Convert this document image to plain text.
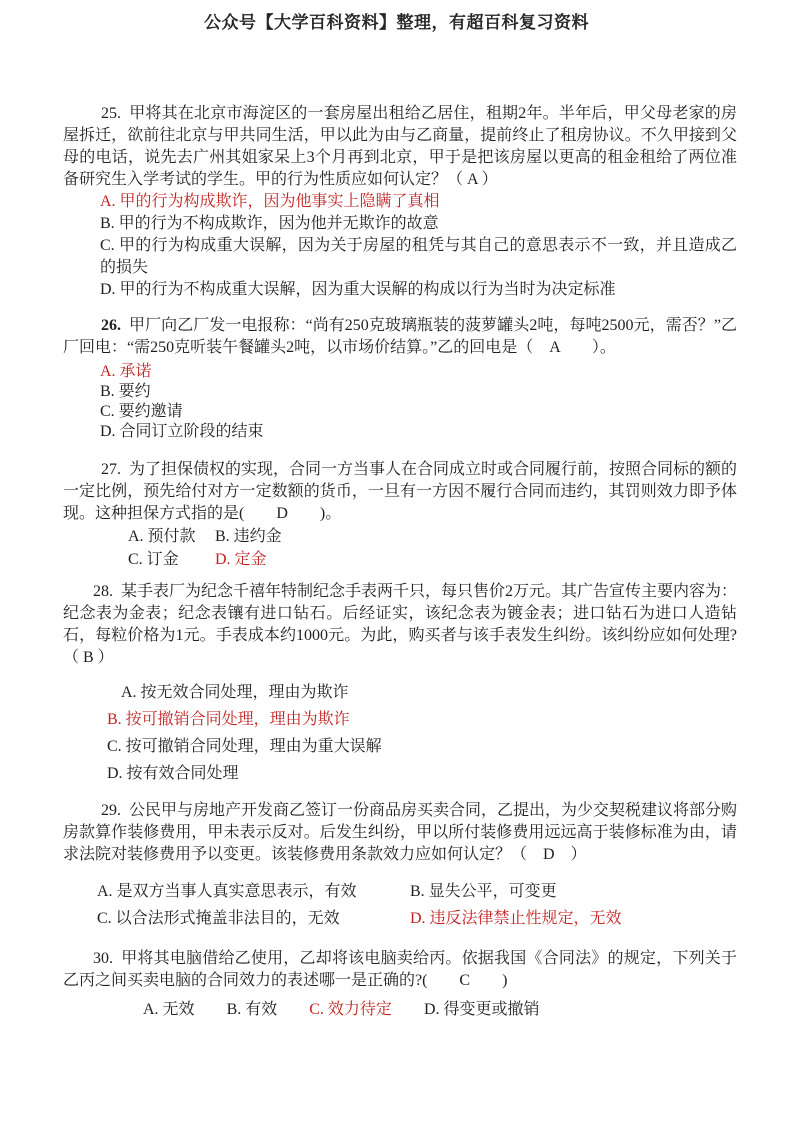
公众号【大学百科资料】整理，有超百科复习资料

25. 甲将其在北京市海淀区的一套房屋出租给乙居住，租期2年。半年后，甲父母老家的房屋拆迁，欲前往北京与甲共同生活，甲以此为由与乙商量，提前终止了租房协议。不久甲接到父母的电话，说先去广州其姐家呆上3个月再到北京，甲于是把该房屋以更高的租金租给了两位准备研究生入学考试的学生。甲的行为性质应如何认定？（ A ）

A. 甲的行为构成欺诈，因为他事实上隐瞒了真相
B. 甲的行为不构成欺诈，因为他并无欺诈的故意
C. 甲的行为构成重大误解，因为关于房屋的租凭与其自己的意思表示不一致，并且造成乙的损失
D. 甲的行为不构成重大误解，因为重大误解的构成以行为当时为决定标准

26. 甲厂向乙厂发一电报称：“尚有250克玻璃瓶装的菠萝罐头2吨，每吨2500元，需否？”乙厂回电：“需250克听装午餐罐头2吨，以市场价结算。”乙的回电是（　A　　）。

A. 承诺
B. 要约
C. 要约邀请
D. 合同订立阶段的结束

27. 为了担保债权的实现，合同一方当事人在合同成立时或合同履行前，按照合同标的额的一定比例，预先给付对方一定数额的货币，一旦有一方因不履行合同而违约，其罚则效力即予体现。这种担保方式指的是(　　D　　)。

A. 预付款 B. 违约金
C. 订金 D. 定金

28. 某手表厂为纪念千禧年特制纪念手表两千只，每只售价2万元。其广告宣传主要内容为：纪念表为金表；纪念表镶有进口钻石。后经证实，该纪念表为镀金表；进口钻石为进口人造钻石，每粒价格为1元。手表成本约1000元。为此，购买者与该手表发生纠纷。该纠纷应如何处理?（ B ）

A. 按无效合同处理，理由为欺诈
B. 按可撤销合同处理，理由为欺诈
C. 按可撤销合同处理，理由为重大误解
D. 按有效合同处理

29. 公民甲与房地产开发商乙签订一份商品房买卖合同，乙提出，为少交契税建议将部分购房款算作装修费用，甲未表示反对。后发生纠纷，甲以所付装修费用远远高于装修标准为由，请求法院对装修费用予以变更。该装修费用条款效力应如何认定？（　D　）

A. 是双方当事人真实意思表示，有效	B. 显失公平，可变更
C. 以合法形式掩盖非法目的，无效	D. 违反法律禁止性规定，无效

30. 甲将其电脑借给乙使用，乙却将该电脑卖给丙。依据我国《合同法》的规定，下列关于乙丙之间买卖电脑的合同效力的表述哪一是正确的?(　　C　　)

A. 无效 B. 有效 C. 效力待定 D. 得变更或撤销
